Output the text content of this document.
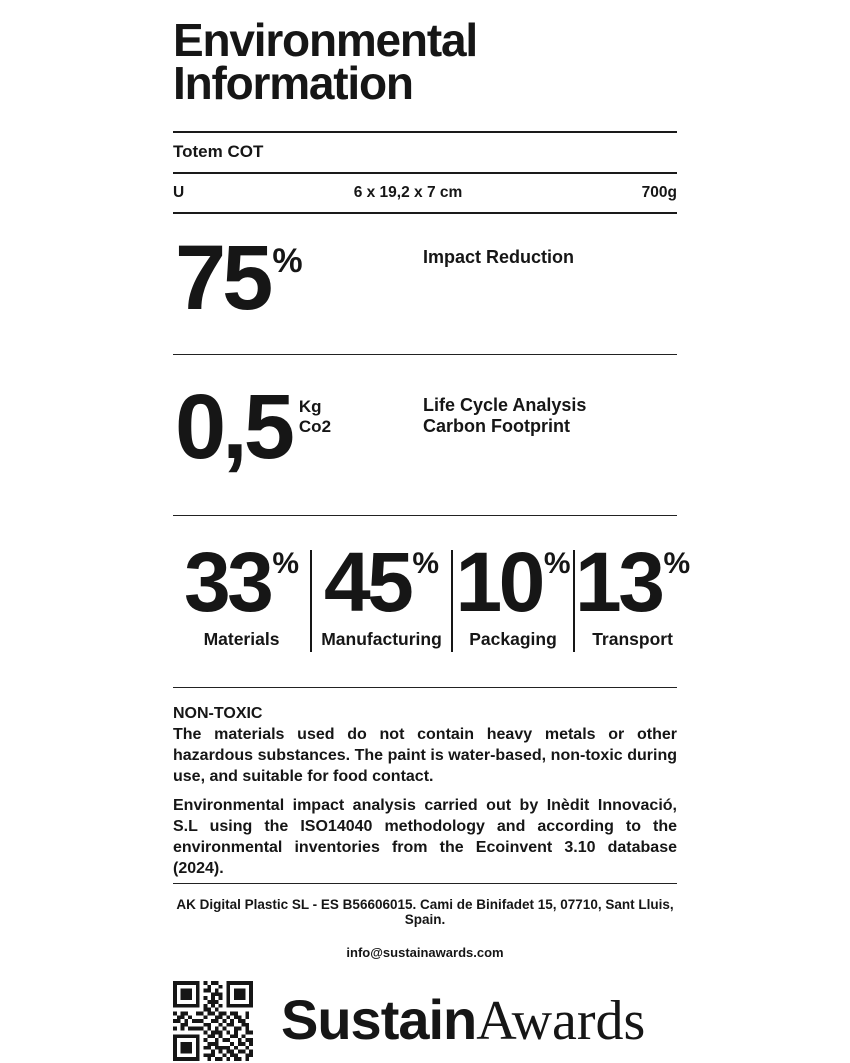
Environmental
Information
Totem COT
U	6 x 19,2 x 7 cm	700g
75 %	Impact Reduction
0,5 Kg
Co2
Life Cycle Analysis
Carbon Footprint
33%
Materials
45%
Manufacturing
10%
Packaging
13%
Transport
NON-TOXIC

The materials used do not contain heavy metals or other hazardous substances. The paint is water-based, non-toxic during use, and suitable for food contact.

Environmental impact analysis carried out by Inèdit Innovació, S.L using the ISO14040 methodology and according to the environmental inventories from the Ecoinvent 3.10 database (2024).

AK Digital Plastic SL - ES B56606015. Cami de Binifadet 15, 07710, Sant Lluis, Spain.
info@sustainawards.com
SustainAwards
